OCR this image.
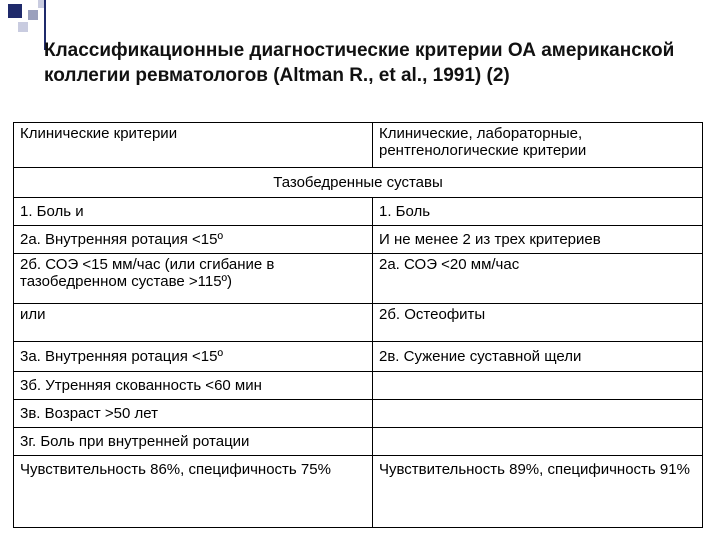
Классификационные диагностические критерии ОА американской коллегии ревматологов (Altman R., et al., 1991) (2)
Клинические критерии	Клинические, лабораторные, рентгенологические критерии
Тазобедренные суставы	
1. Боль и	1. Боль
2а. Внутренняя ротация <15º	И не менее 2 из трех критериев
2б. СОЭ <15 мм/час (или сгибание в тазобедренном суставе >115º)	2а. СОЭ <20 мм/час
или	2б. Остеофиты
3а. Внутренняя ротация <15º	2в. Сужение суставной щели
3б. Утренняя скованность <60 мин	
3в. Возраст >50 лет	
3г. Боль при внутренней ротации	
Чувствительность 86%, специфичность 75%	Чувствительность 89%, специфичность 91%
